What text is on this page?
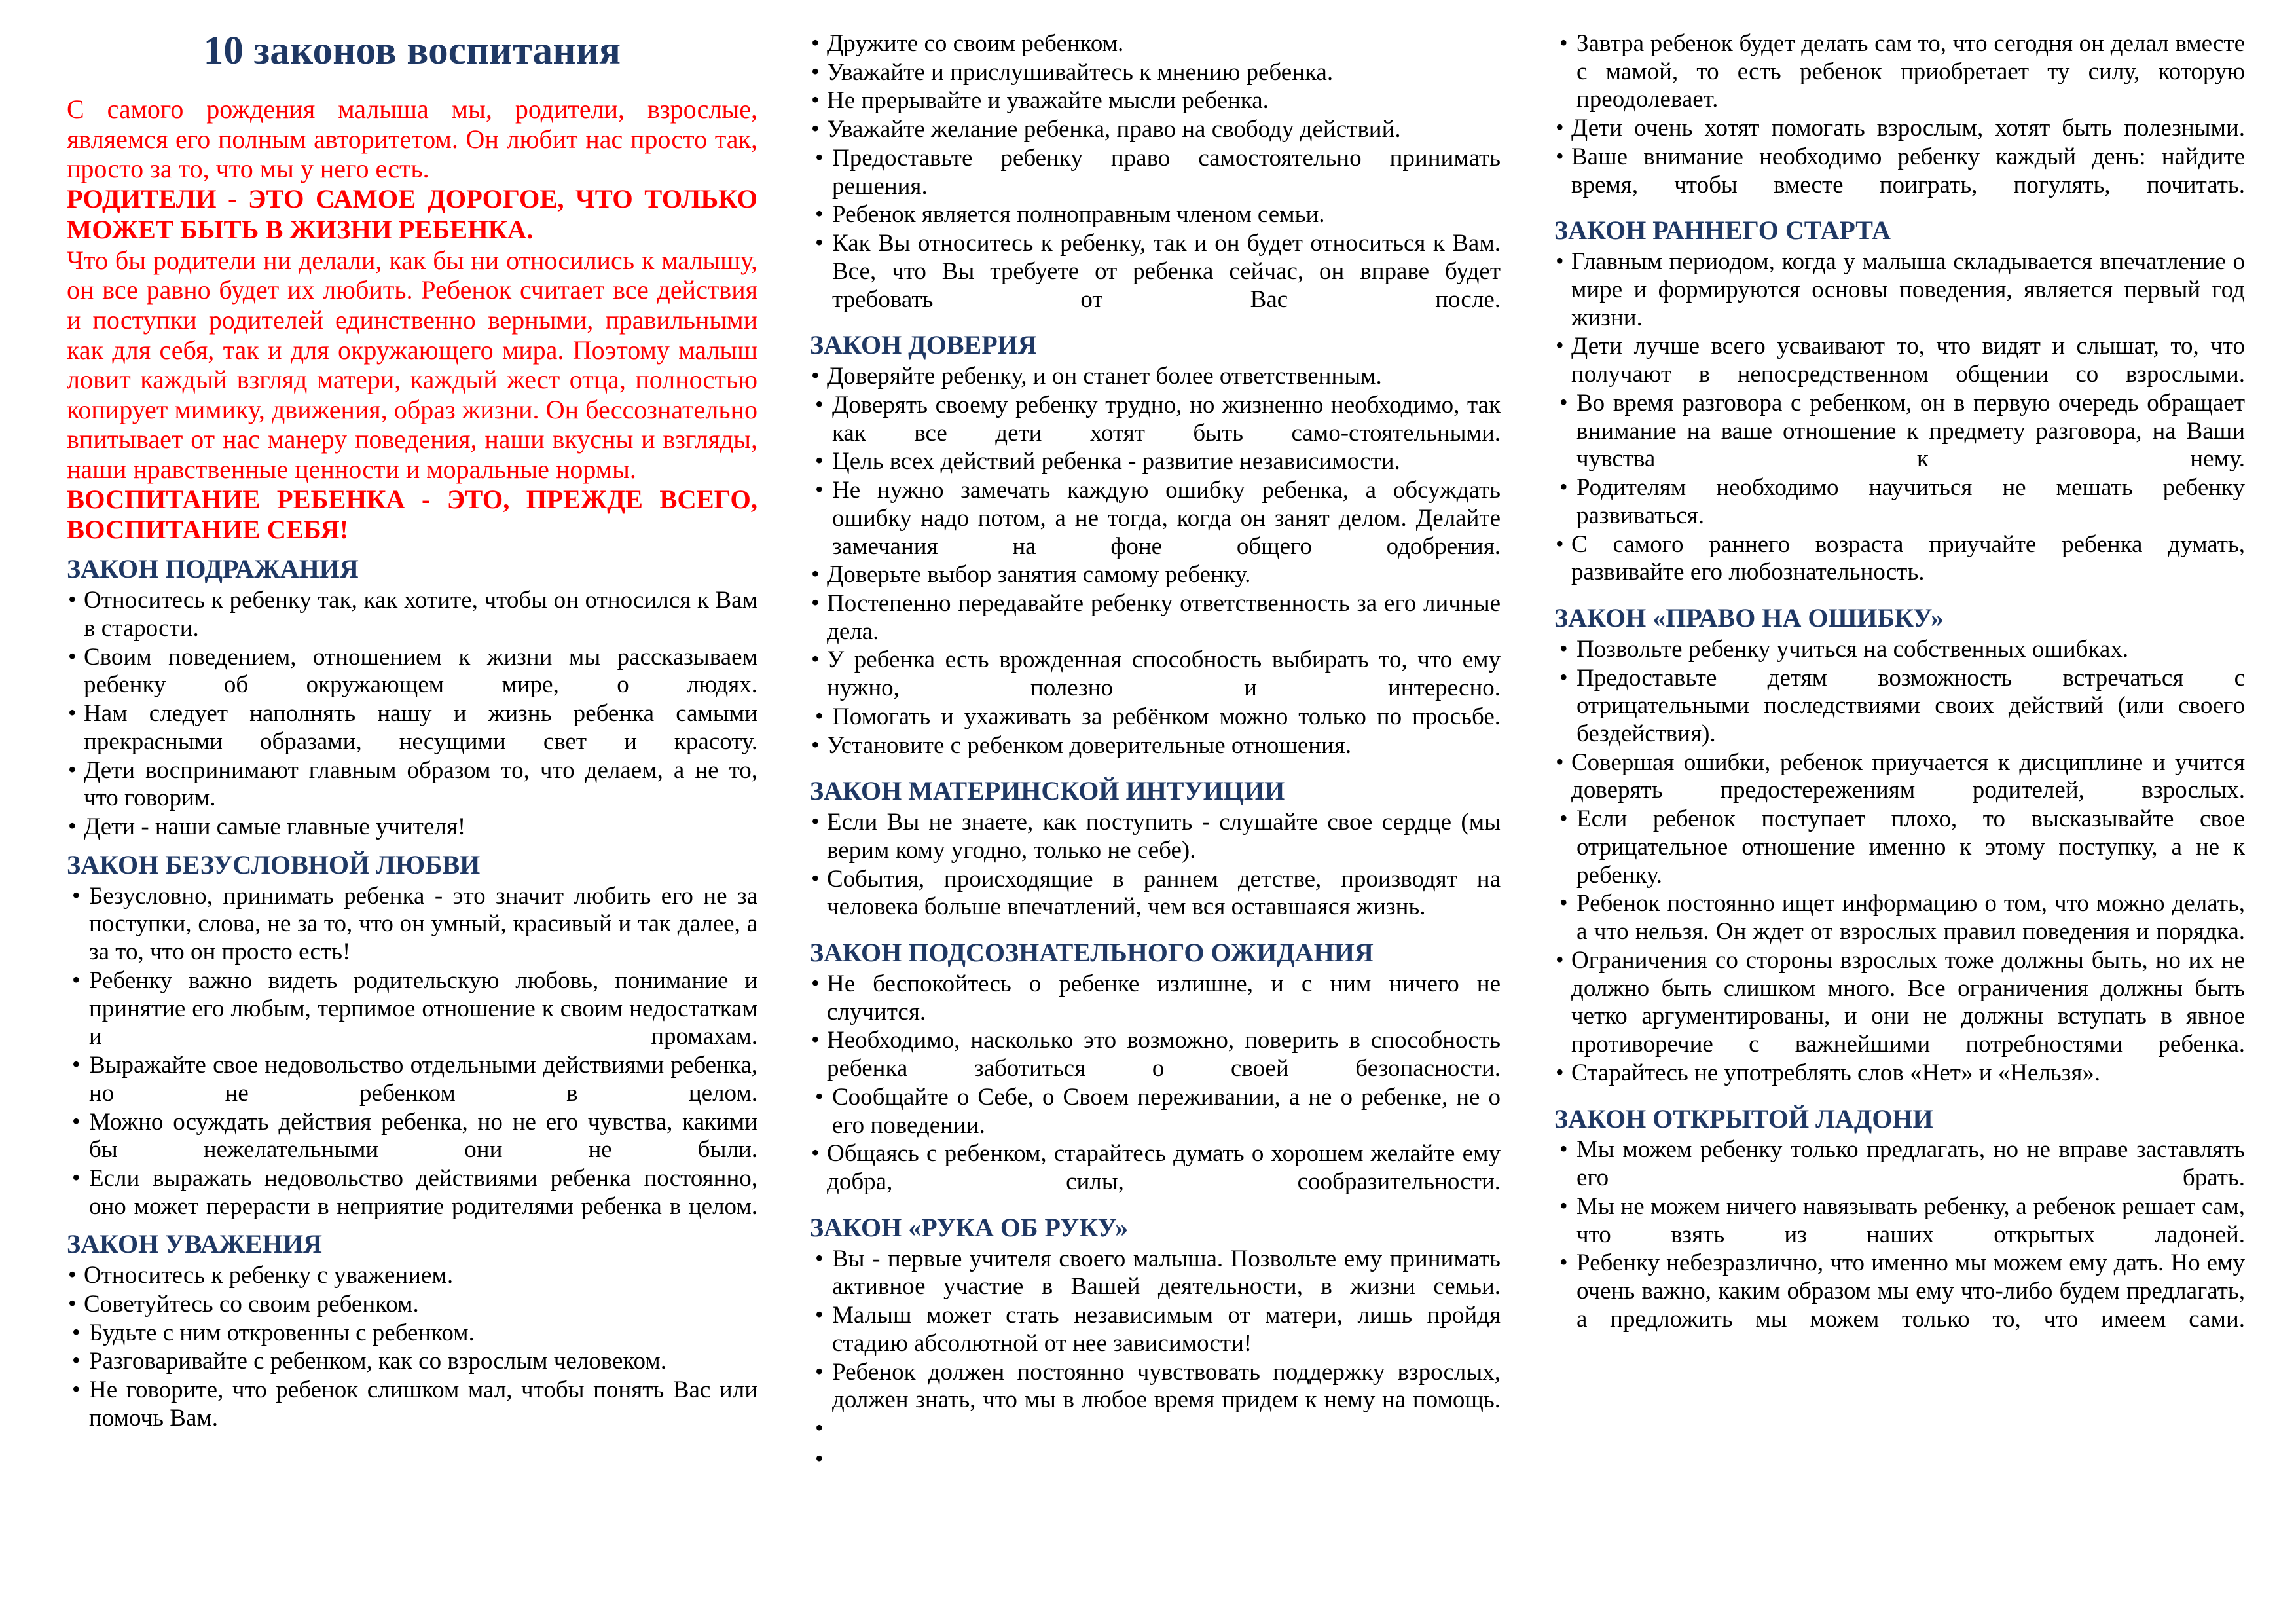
10 законов воспитания

С самого рождения малыша мы, родители, взрослые, являемся его полным авторитетом. Он любит нас просто так, просто за то, что мы у него есть.

РОДИТЕЛИ - ЭТО САМОЕ ДОРОГОЕ, ЧТО ТОЛЬКО МОЖЕТ БЫТЬ В ЖИЗНИ РЕБЕНКА.

Что бы родители ни делали, как бы ни относились к малышу, он все равно будет их любить. Ребенок считает все действия и поступки родителей единственно верными, правильными как для себя, так и для окружающего мира. Поэтому малыш ловит каждый взгляд матери, каждый жест отца, полностью копирует мимику, движения, образ жизни. Он бессознательно впитывает от нас манеру поведения, наши вкусны и взгляды, наши нравственные ценности и моральные нормы.

ВОСПИТАНИЕ РЕБЕНКА - ЭТО, ПРЕЖДЕ ВСЕГО, ВОСПИТАНИЕ СЕБЯ!

ЗАКОН ПОДРАЖАНИЯ
• Относитесь к ребенку так, как хотите, чтобы он относился к Вам в старости.
• Своим поведением, отношением к жизни мы рассказываем ребенку об окружающем мире, о людях.
• Нам следует наполнять нашу и жизнь ребенка самыми прекрасными образами, несущими свет и красоту.
• Дети воспринимают главным образом то, что делаем, а не то, что говорим.
• Дети - наши самые главные учителя!
ЗАКОН БЕЗУСЛОВНОЙ ЛЮБВИ
• Безусловно, принимать ребенка - это значит любить его не за поступки, слова, не за то, что он умный, красивый и так далее, а за то, что он просто есть!
• Ребенку важно видеть родительскую любовь, понимание и принятие его любым, терпимое отношение к своим недостаткам и промахам.
• Выражайте свое недовольство отдельными действиями ребенка, но не ребенком в целом.
• Можно осуждать действия ребенка, но не его чувства, какими бы нежелательными они не были.
• Если выражать недовольство действиями ребенка постоянно, оно может перерасти в неприятие родителями ребенка в целом.
ЗАКОН УВАЖЕНИЯ
• Относитесь к ребенку с уважением.
• Советуйтесь со своим ребенком.
• Будьте с ним откровенны с ребенком.
• Разговаривайте с ребенком, как со взрослым человеком.
• Не говорите, что ребенок слишком мал, чтобы понять Вас или помочь Вам.
• Дружите со своим ребенком.
• Уважайте и прислушивайтесь к мнению ребенка.
• Не прерывайте и уважайте мысли ребенка.
• Уважайте желание ребенка, право на свободу действий.
• Предоставьте ребенку право самостоятельно принимать решения.
• Ребенок является полноправным членом семьи.
• Как Вы относитесь к ребенку, так и он будет относиться к Вам. Все, что Вы требуете от ребенка сейчас, он вправе будет требовать от Вас после.
ЗАКОН ДОВЕРИЯ
• Доверяйте ребенку, и он станет более ответственным.
• Доверять своему ребенку трудно, но жизненно необходимо, так как все дети хотят быть само-стоятельными.
• Цель всех действий ребенка - развитие независимости.
• Не нужно замечать каждую ошибку ребенка, а обсуждать ошибку надо потом, а не тогда, когда он занят делом. Делайте замечания на фоне общего одобрения.
• Доверьте выбор занятия самому ребенку.
• Постепенно передавайте ребенку ответственность за его личные дела.
• У ребенка есть врожденная способность выбирать то, что ему нужно, полезно и интересно.
• Помогать и ухаживать за ребёнком можно только по просьбе.
• Установите с ребенком доверительные отношения.
ЗАКОН МАТЕРИНСКОЙ ИНТУИЦИИ
• Если Вы не знаете, как поступить - слушайте свое сердце (мы верим кому угодно, только не себе).
• События, происходящие в раннем детстве, производят на человека больше впечатлений, чем вся оставшаяся жизнь.
ЗАКОН ПОДСОЗНАТЕЛЬНОГО ОЖИДАНИЯ
• Не беспокойтесь о ребенке излишне, и с ним ничего не случится.
• Необходимо, насколько это возможно, поверить в способность ребенка заботиться о своей безопасности.
• Сообщайте о Себе, о Своем переживании, а не о ребенке, не о его поведении.
• Общаясь с ребенком, старайтесь думать о хорошем желайте ему добра, силы, сообразительности.
ЗАКОН «РУКА ОБ РУКУ»
• Вы - первые учителя своего малыша. Позвольте ему принимать активное участие в Вашей деятельности, в жизни семьи.
• Малыш может стать независимым от матери, лишь пройдя стадию абсолютной от нее зависимости!
• Ребенок должен постоянно чувствовать поддержку взрослых, должен знать, что мы в любое время придем к нему на помощь.
•
•
• Завтра ребенок будет делать сам то, что сегодня он делал вместе с мамой, то есть ребенок приобретает ту силу, которую преодолевает.
• Дети очень хотят помогать взрослым, хотят быть полезными.
• Ваше внимание необходимо ребенку каждый день: найдите время, чтобы вместе поиграть, погулять, почитать.
ЗАКОН РАННЕГО СТАРТА
• Главным периодом, когда у малыша складывается впечатление о мире и формируются основы поведения, является первый год жизни.
• Дети лучше всего усваивают то, что видят и слышат, то, что получают в непосредственном общении со взрослыми.
• Во время разговора с ребенком, он в первую очередь обращает внимание на ваше отношение к предмету разговора, на Ваши чувства к нему.
• Родителям необходимо научиться не мешать ребенку развиваться.
• С самого раннего возраста приучайте ребенка думать, развивайте его любознательность.
ЗАКОН «ПРАВО НА ОШИБКУ»
• Позвольте ребенку учиться на собственных ошибках.
• Предоставьте детям возможность встречаться с отрицательными последствиями своих действий (или своего бездействия).
• Совершая ошибки, ребенок приучается к дисциплине и учится доверять предостережениям родителей, взрослых.
• Если ребенок поступает плохо, то высказывайте свое отрицательное отношение именно к этому поступку, а не к ребенку.
• Ребенок постоянно ищет информацию о том, что можно делать, а что нельзя. Он ждет от взрослых правил поведения и порядка.
• Ограничения со стороны взрослых тоже должны быть, но их не должно быть слишком много. Все ограничения должны быть четко аргументированы, и они не должны вступать в явное противоречие с важнейшими потребностями ребенка.
• Старайтесь не употреблять слов «Нет» и «Нельзя».
ЗАКОН ОТКРЫТОЙ ЛАДОНИ
• Мы можем ребенку только предлагать, но не вправе заставлять его брать.
• Мы не можем ничего навязывать ребенку, а ребенок решает сам, что взять из наших открытых ладоней.
• Ребенку небезразлично, что именно мы можем ему дать. Но ему очень важно, каким образом мы ему что-либо будем предлагать, а предложить мы можем только то, что имеем сами.
